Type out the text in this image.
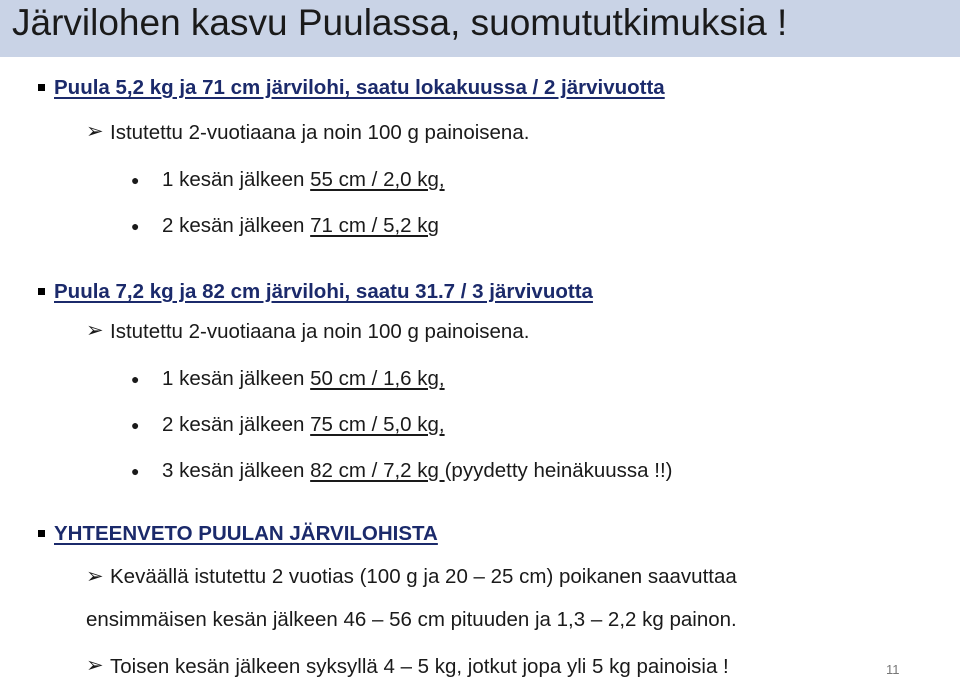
Järvilohen kasvu Puulassa, suomututkimuksia !
Puula 5,2 kg ja 71 cm järvilohi, saatu lokakuussa / 2 järvivuotta
➢ Istutettu 2-vuotiaana ja noin 100 g painoisena.
● 1 kesän jälkeen 55 cm / 2,0 kg,
● 2 kesän jälkeen 71 cm / 5,2 kg
Puula 7,2 kg ja 82 cm järvilohi, saatu 31.7 / 3 järvivuotta
➢ Istutettu 2-vuotiaana ja noin 100 g painoisena.
● 1 kesän jälkeen 50 cm / 1,6 kg,
● 2 kesän jälkeen 75 cm / 5,0 kg,
● 3 kesän jälkeen 82 cm / 7,2 kg (pyydetty heinäkuussa !!)
YHTEENVETO PUULAN JÄRVILOHISTA
➢ Keväällä istutettu 2 vuotias (100 g ja 20 – 25 cm) poikanen saavuttaa
ensimmäisen kesän jälkeen 46 – 56 cm pituuden ja 1,3 – 2,2 kg painon.
➢ Toisen kesän jälkeen syksyllä 4 – 5 kg, jotkut jopa yli 5 kg painoisia !	11
